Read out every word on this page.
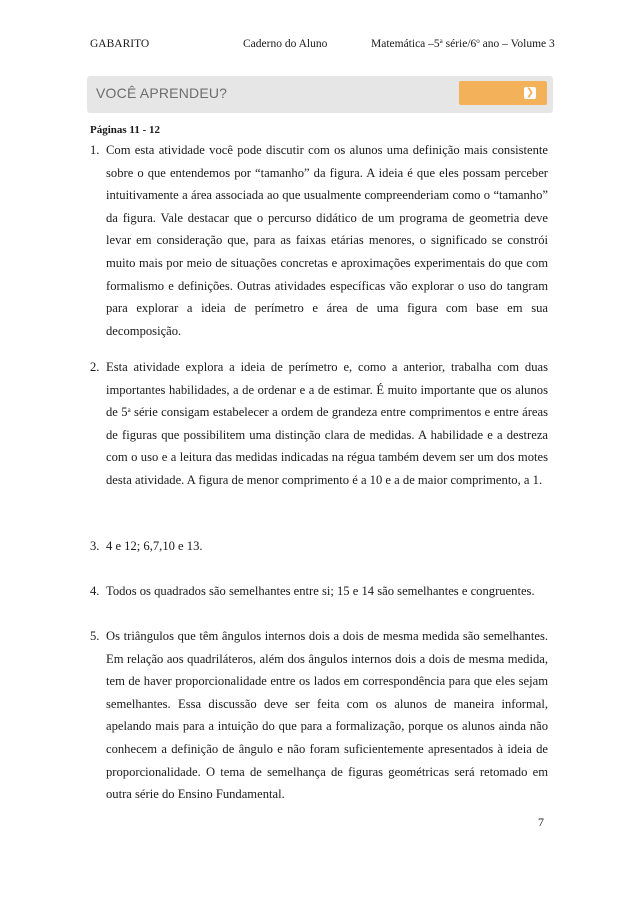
GABARITO	Caderno do Aluno	Matemática –5$^a$ série/6$^o$ ano – Volume 3
VOCÊ APRENDEU?	❯
Páginas 11 - 12
1. Com esta atividade você pode discutir com os alunos uma definição mais consistente sobre o que entendemos por “tamanho” da figura. A ideia é que eles possam perceber intuitivamente a área associada ao que usualmente compreenderiam como o “tamanho” da figura. Vale destacar que o percurso didático de um programa de geometria deve levar em consideração que, para as faixas etárias menores, o significado se constrói muito mais por meio de situações concretas e aproximações experimentais do que com formalismo e definições. Outras atividades específicas vão explorar o uso do tangram para explorar a ideia de perímetro e área de uma figura com base em sua decomposição.
2. Esta atividade explora a ideia de perímetro e, como a anterior, trabalha com duas importantes habilidades, a de ordenar e a de estimar. É muito importante que os alunos de 5$^a$ série consigam estabelecer a ordem de grandeza entre comprimentos e entre áreas de figuras que possibilitem uma distinção clara de medidas. A habilidade e a destreza com o uso e a leitura das medidas indicadas na régua também devem ser um dos motes desta atividade. A figura de menor comprimento é a 10 e a de maior comprimento, a 1.
3. 4 e 12; 6,7,10 e 13.
4. Todos os quadrados são semelhantes entre si; 15 e 14 são semelhantes e congruentes.
5. Os triângulos que têm ângulos internos dois a dois de mesma medida são semelhantes. Em relação aos quadriláteros, além dos ângulos internos dois a dois de mesma medida, tem de haver proporcionalidade entre os lados em correspondência para que eles sejam semelhantes. Essa discussão deve ser feita com os alunos de maneira informal, apelando mais para a intuição do que para a formalização, porque os alunos ainda não conhecem a definição de ângulo e não foram suficientemente apresentados à ideia de proporcionalidade. O tema de semelhança de figuras geométricas será retomado em outra série do Ensino Fundamental.
7
